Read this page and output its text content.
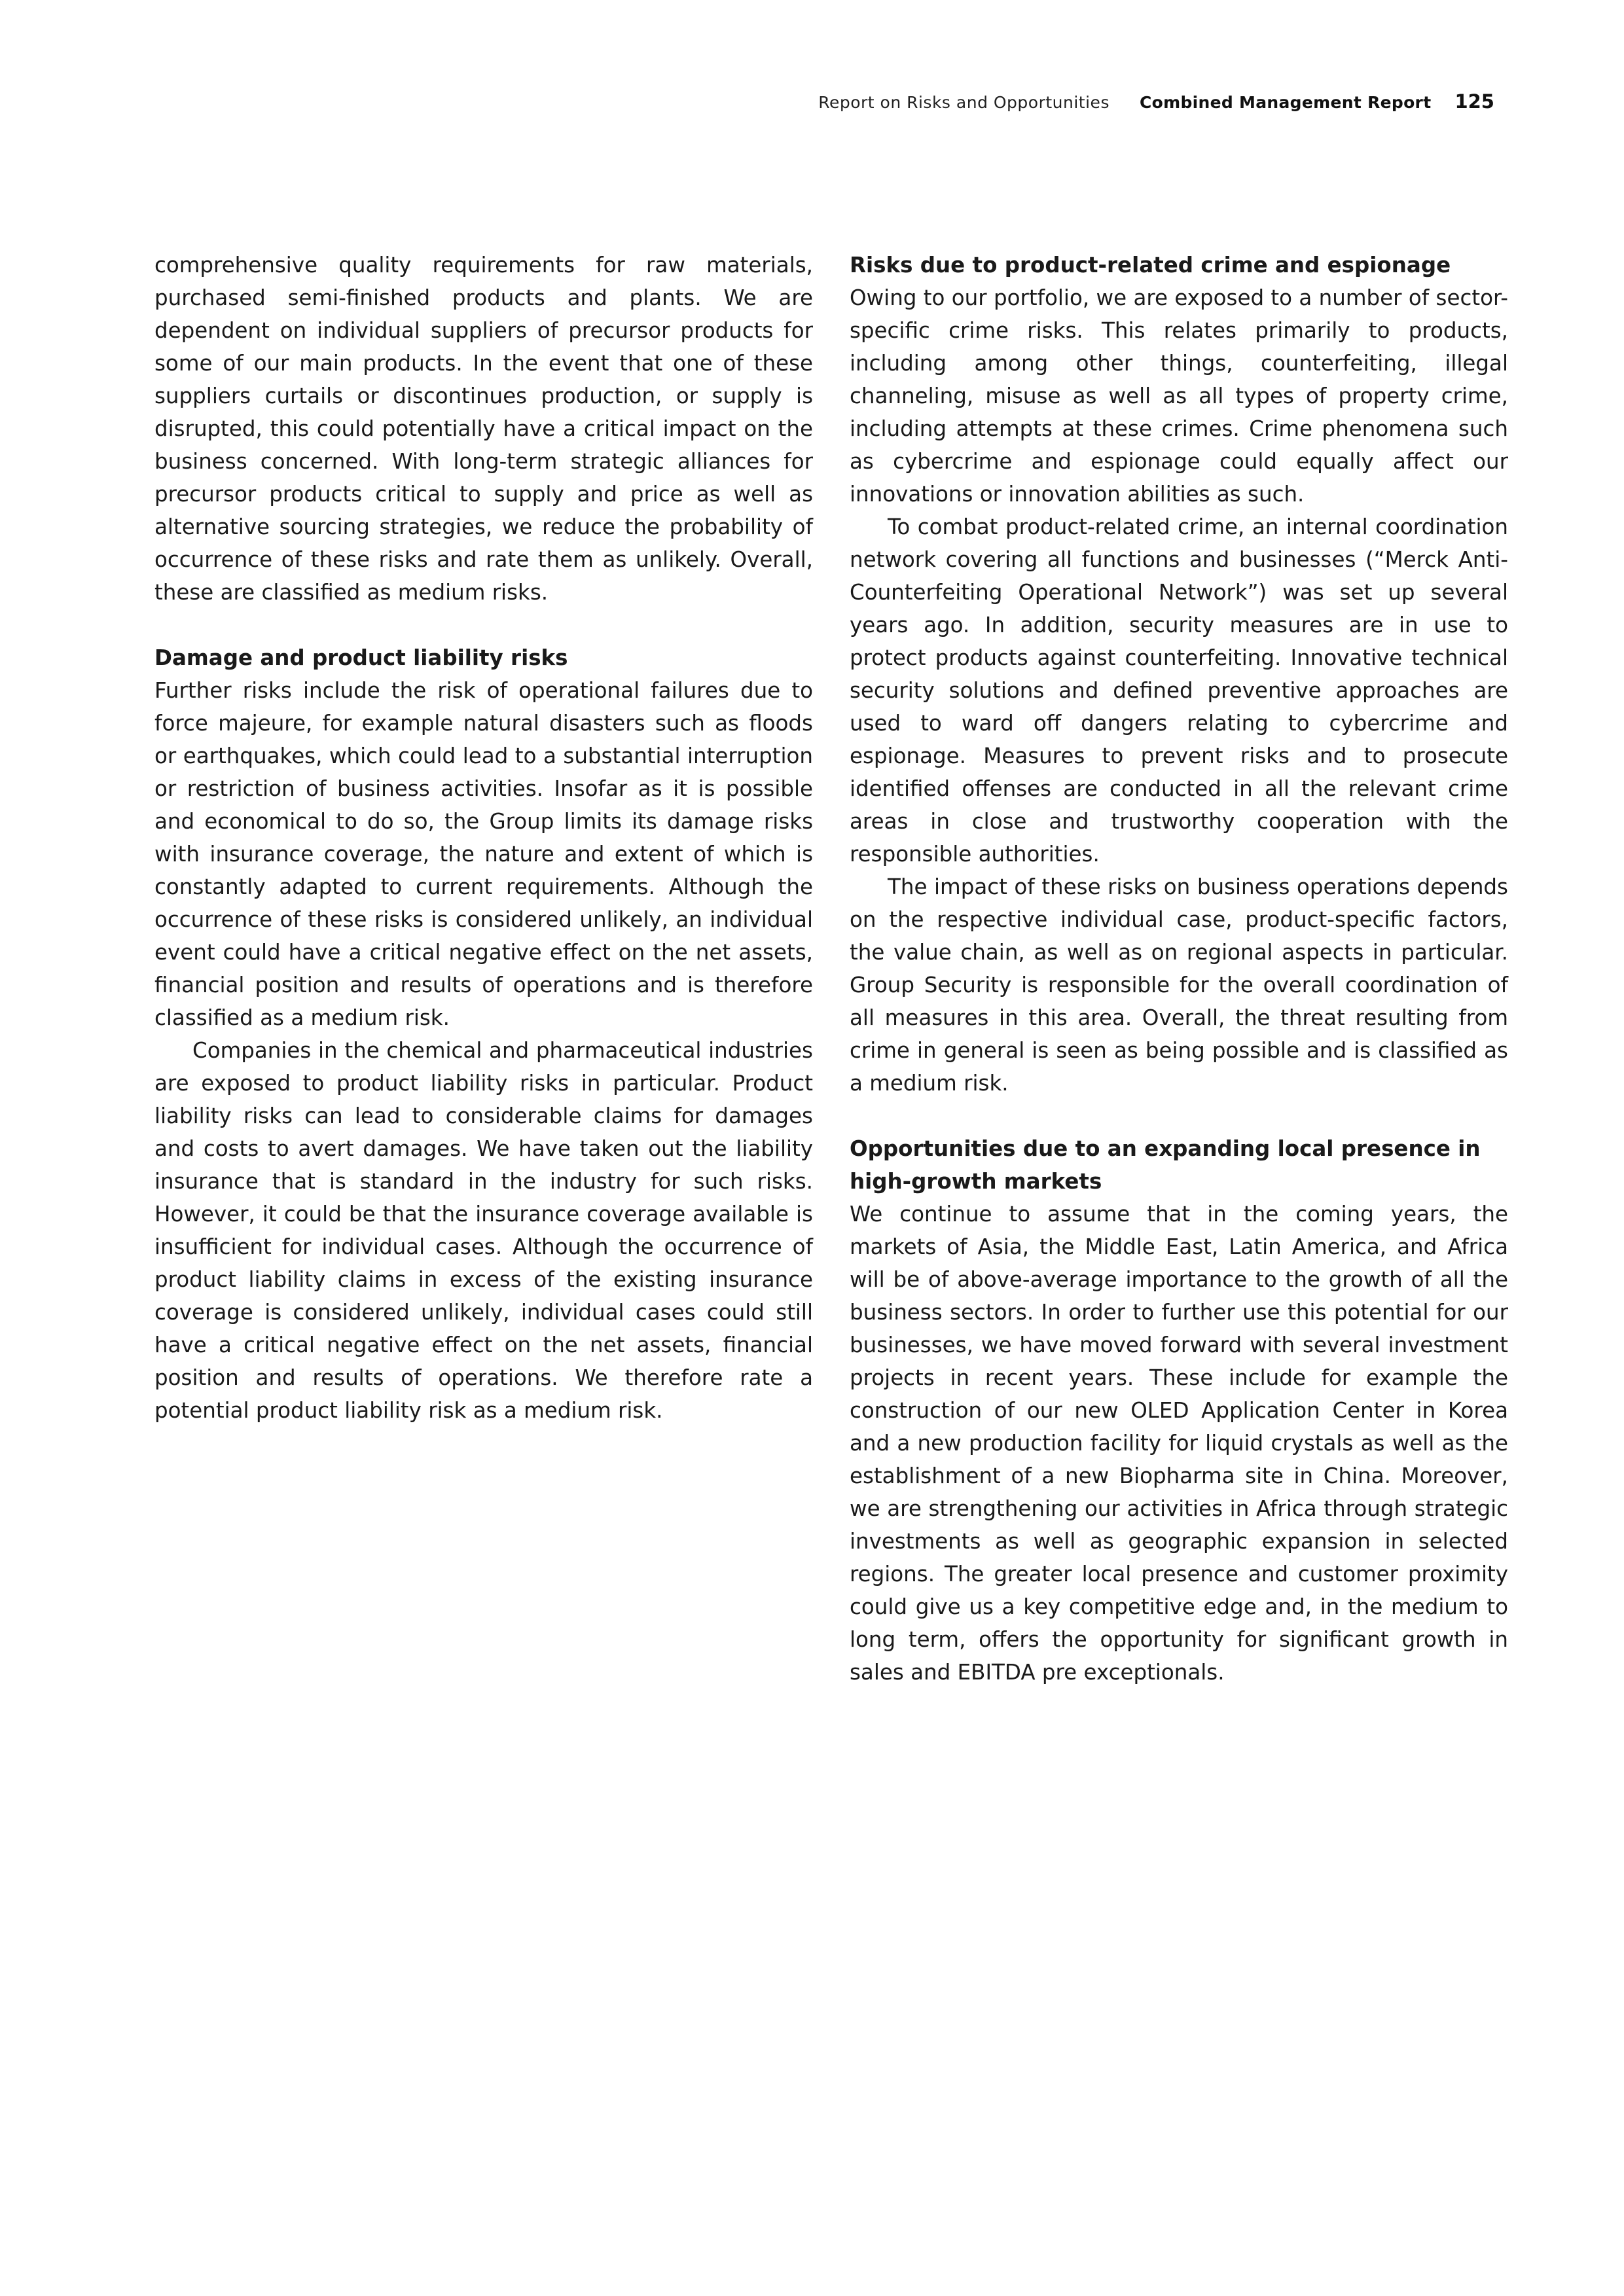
Report on Risks and Opportunities Combined Management Report 125

comprehensive quality requirements for raw materials, purchased semi-finished products and plants. We are dependent on individual suppliers of precursor products for some of our main products. In the event that one of these suppliers curtails or discontinues production, or supply is disrupted, this could potentially have a critical impact on the business concerned. With long-term strategic alliances for precursor products critical to supply and price as well as alternative sourcing strategies, we reduce the probability of occurrence of these risks and rate them as unlikely. Overall, these are classified as medium risks.

Damage and product liability risks

Further risks include the risk of operational failures due to force majeure, for example natural disasters such as floods or earthquakes, which could lead to a substantial interruption or restriction of business activities. Insofar as it is possible and economical to do so, the Group limits its damage risks with insurance coverage, the nature and extent of which is constantly adapted to current requirements. Although the occurrence of these risks is considered unlikely, an individual event could have a critical negative effect on the net assets, financial position and results of operations and is therefore classified as a medium risk.

Companies in the chemical and pharmaceutical industries are exposed to product liability risks in particular. Product liability risks can lead to considerable claims for damages and costs to avert damages. We have taken out the liability insurance that is standard in the industry for such risks. However, it could be that the insurance coverage available is insufficient for individual cases. Although the occurrence of product liability claims in excess of the existing insurance coverage is considered unlikely, individual cases could still have a critical negative effect on the net assets, financial position and results of operations. We therefore rate a potential product liability risk as a medium risk.

Risks due to product-related crime and espionage

Owing to our portfolio, we are exposed to a number of sector-specific crime risks. This relates primarily to products, including among other things, counterfeiting, illegal channeling, misuse as well as all types of property crime, including attempts at these crimes. Crime phenomena such as cybercrime and espionage could equally affect our innovations or innovation abilities as such.

To combat product-related crime, an internal coordination network covering all functions and businesses (“Merck Anti-Counterfeiting Operational Network”) was set up several years ago. In addition, security measures are in use to protect products against counterfeiting. Innovative technical security solutions and defined preventive approaches are used to ward off dangers relating to cybercrime and espionage. Measures to prevent risks and to prosecute identified offenses are conducted in all the relevant crime areas in close and trustworthy cooperation with the responsible authorities.

The impact of these risks on business operations depends on the respective individual case, product-specific factors, the value chain, as well as on regional aspects in particular. Group Security is responsible for the overall coordination of all measures in this area. Overall, the threat resulting from crime in general is seen as being possible and is classified as a medium risk.

Opportunities due to an expanding local presence in high-growth markets

We continue to assume that in the coming years, the markets of Asia, the Middle East, Latin America, and Africa will be of above-average importance to the growth of all the business sectors. In order to further use this potential for our businesses, we have moved forward with several investment projects in recent years. These include for example the construction of our new OLED Application Center in Korea and a new production facility for liquid crystals as well as the establishment of a new Biopharma site in China. Moreover, we are strengthening our activities in Africa through strategic investments as well as geographic expansion in selected regions. The greater local presence and customer proximity could give us a key competitive edge and, in the medium to long term, offers the opportunity for significant growth in sales and EBITDA pre exceptionals.
